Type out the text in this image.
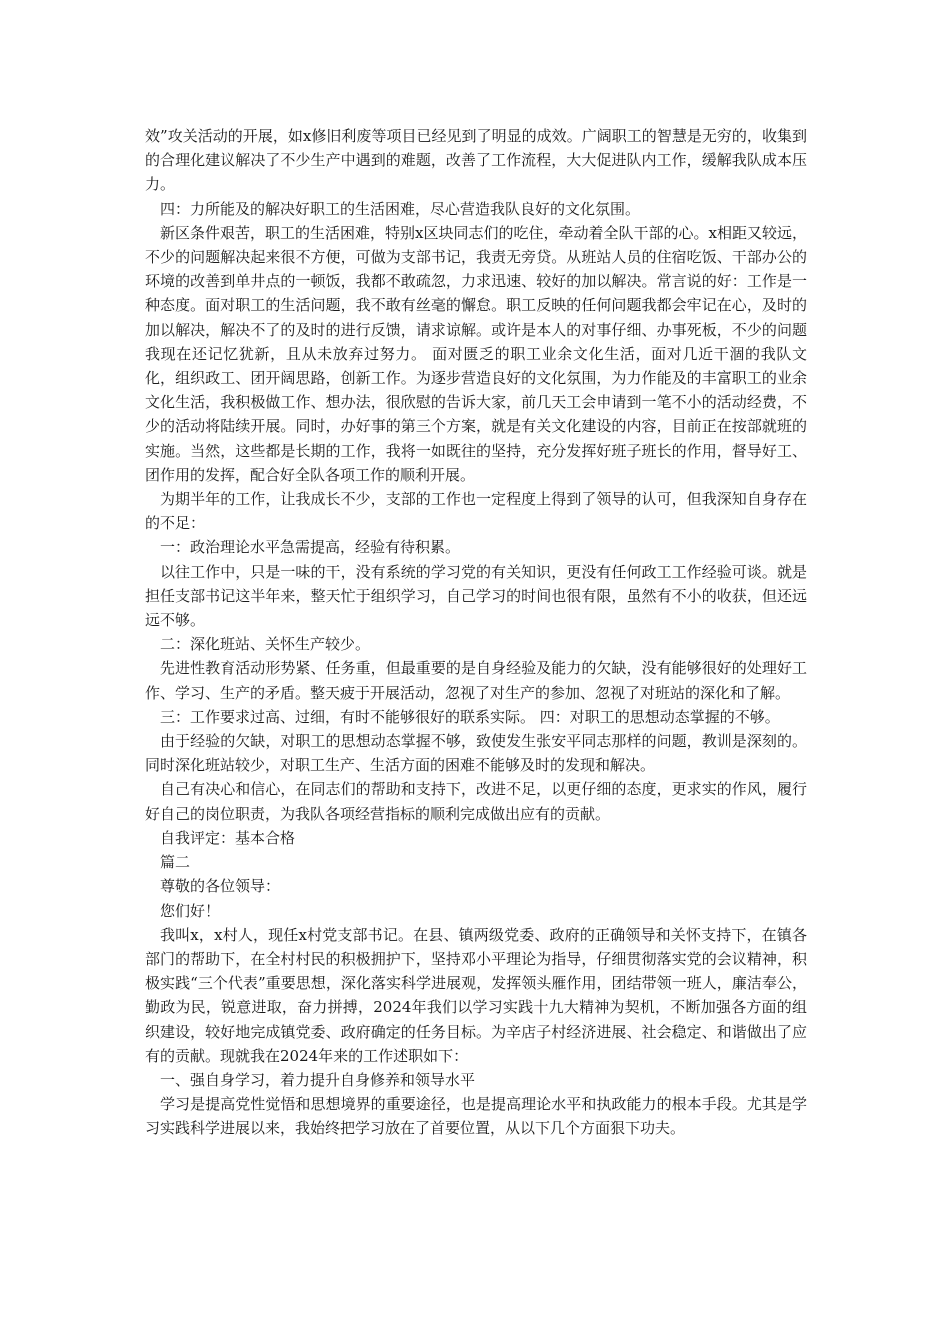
效”攻关活动的开展，如x修旧利废等项目已经见到了明显的成效。广阔职工的智慧是无穷的，收集到的合理化建议解决了不少生产中遇到的难题，改善了工作流程，大大促进队内工作，缓解我队成本压力。

四：力所能及的解决好职工的生活困难，尽心营造我队良好的文化氛围。

新区条件艰苦，职工的生活困难，特别x区块同志们的吃住，牵动着全队干部的心。x相距又较远，不少的问题解决起来很不方便，可做为支部书记，我责无旁贷。从班站人员的住宿吃饭、干部办公的环境的改善到单井点的一顿饭，我都不敢疏忽，力求迅速、较好的加以解决。常言说的好：工作是一种态度。面对职工的生活问题，我不敢有丝毫的懈怠。职工反映的任何问题我都会牢记在心，及时的加以解决，解决不了的及时的进行反馈，请求谅解。或许是本人的对事仔细、办事死板，不少的问题我现在还记忆犹新，且从未放弃过努力。 面对匮乏的职工业余文化生活，面对几近干涸的我队文化，组织政工、团开阔思路，创新工作。为逐步营造良好的文化氛围，为力作能及的丰富职工的业余文化生活，我积极做工作、想办法，很欣慰的告诉大家，前几天工会申请到一笔不小的活动经费，不少的活动将陆续开展。同时，办好事的第三个方案，就是有关文化建设的内容，目前正在按部就班的实施。当然，这些都是长期的工作，我将一如既往的坚持，充分发挥好班子班长的作用，督导好工、团作用的发挥，配合好全队各项工作的顺利开展。

为期半年的工作，让我成长不少，支部的工作也一定程度上得到了领导的认可，但我深知自身存在的不足：

一：政治理论水平急需提高，经验有待积累。

以往工作中，只是一味的干，没有系统的学习党的有关知识，更没有任何政工工作经验可谈。就是担任支部书记这半年来，整天忙于组织学习，自己学习的时间也很有限，虽然有不小的收获，但还远远不够。

二：深化班站、关怀生产较少。

先进性教育活动形势紧、任务重，但最重要的是自身经验及能力的欠缺，没有能够很好的处理好工作、学习、生产的矛盾。整天疲于开展活动，忽视了对生产的参加、忽视了对班站的深化和了解。

三：工作要求过高、过细，有时不能够很好的联系实际。 四：对职工的思想动态掌握的不够。

由于经验的欠缺，对职工的思想动态掌握不够，致使发生张安平同志那样的问题，教训是深刻的。同时深化班站较少，对职工生产、生活方面的困难不能够及时的发现和解决。

自己有决心和信心，在同志们的帮助和支持下，改进不足，以更仔细的态度，更求实的作风，履行好自己的岗位职责，为我队各项经营指标的顺利完成做出应有的贡献。

自我评定：基本合格

篇二

尊敬的各位领导：

您们好！

我叫x，x村人，现任x村党支部书记。在县、镇两级党委、政府的正确领导和关怀支持下，在镇各部门的帮助下，在全村村民的积极拥护下，坚持邓小平理论为指导，仔细贯彻落实党的会议精神，积极实践“三个代表”重要思想，深化落实科学进展观，发挥领头雁作用，团结带领一班人，廉洁奉公，勤政为民，锐意进取，奋力拼搏，2024年我们以学习实践十九大精神为契机，不断加强各方面的组织建设，较好地完成镇党委、政府确定的任务目标。为辛店子村经济进展、社会稳定、和谐做出了应有的贡献。现就我在2024年来的工作述职如下：

一、强自身学习，着力提升自身修养和领导水平

学习是提高党性觉悟和思想境界的重要途径，也是提高理论水平和执政能力的根本手段。尤其是学习实践科学进展以来，我始终把学习放在了首要位置，从以下几个方面狠下功夫。
